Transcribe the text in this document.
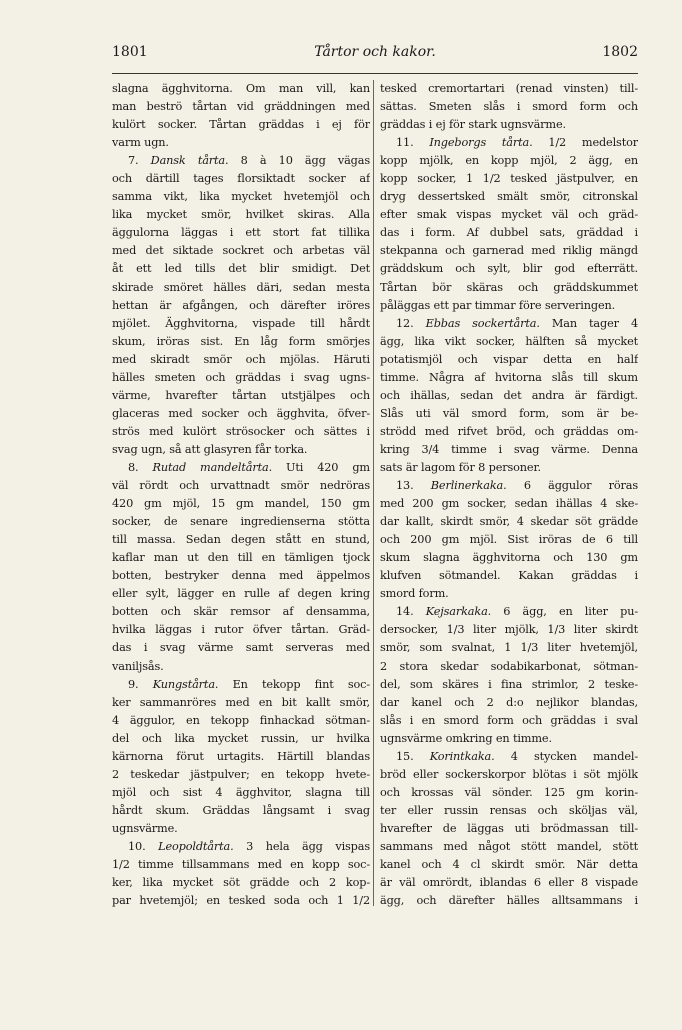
1801	Tårtor och kakor.	1802
slagna ägghvitorna. Om man vill, kan
man beströ tårtan vid gräddningen med
kulört socker. Tårtan gräddas i ej för
varm ugn.
7. Dansk tårta. 8 à 10 ägg vägas
och därtill tages florsiktadt socker af
samma vikt, lika mycket hvetemjöl och
lika mycket smör, hvilket skiras. Alla
äggulorna läggas i ett stort fat tillika
med det siktade sockret och arbetas väl
åt ett led tills det blir smidigt. Det
skirade smöret hälles däri, sedan mesta
hettan är afgången, och därefter iröres
mjölet. Ägghvitorna, vispade till hårdt
skum, iröras sist. En låg form smörjes
med skiradt smör och mjölas. Häruti
hälles smeten och gräddas i svag ugns-
värme, hvarefter tårtan utstjälpes och
glaceras med socker och ägghvita, öfver-
strös med kulört strösocker och sättes i
svag ugn, så att glasyren får torka.
8. Rutad mandeltårta. Uti 420 gm
väl rördt och urvattnadt smör nedröras
420 gm mjöl, 15 gm mandel, 150 gm
socker, de senare ingredienserna stötta
till massa. Sedan degen stått en stund,
kaflar man ut den till en tämligen tjock
botten, bestryker denna med äppelmos
eller sylt, lägger en rulle af degen kring
botten och skär remsor af densamma,
hvilka läggas i rutor öfver tårtan. Gräd-
das i svag värme samt serveras med
vaniljsås.
9. Kungstårta. En tekopp fint soc-
ker sammanröres med en bit kallt smör,
4 äggulor, en tekopp finhackad sötman-
del och lika mycket russin, ur hvilka
kärnorna förut urtagits. Härtill blandas
2 teskedar jästpulver; en tekopp hvete-
mjöl och sist 4 ägghvitor, slagna till
hårdt skum. Gräddas långsamt i svag
ugnsvärme.
10. Leopoldtårta. 3 hela ägg vispas
1/2 timme tillsammans med en kopp soc-
ker, lika mycket söt grädde och 2 kop-
par hvetemjöl; en tesked soda och 1 1/2
tesked cremortartari (renad vinsten) till-
sättas. Smeten slås i smord form och
gräddas i ej för stark ugnsvärme.
11. Ingeborgs tårta. 1/2 medelstor
kopp mjölk, en kopp mjöl, 2 ägg, en
kopp socker, 1 1/2 tesked jästpulver, en
dryg dessertsked smält smör, citronskal
efter smak vispas mycket väl och gräd-
das i form. Af dubbel sats, gräddad i
stekpanna och garnerad med riklig mängd
gräddskum och sylt, blir god efterrätt.
Tårtan bör skäras och gräddskummet
påläggas ett par timmar före serveringen.
12. Ebbas sockertårta. Man tager 4
ägg, lika vikt socker, hälften så mycket
potatismjöl och vispar detta en half
timme. Några af hvitorna slås till skum
och ihällas, sedan det andra är färdigt.
Slås uti väl smord form, som är be-
strödd med rifvet bröd, och gräddas om-
kring 3/4 timme i svag värme. Denna
sats är lagom för 8 personer.
13. Berlinerkaka. 6 äggulor röras
med 200 gm socker, sedan ihällas 4 ske-
dar kallt, skirdt smör, 4 skedar söt grädde
och 200 gm mjöl. Sist iröras de 6 till
skum slagna ägghvitorna och 130 gm
klufven sötmandel. Kakan gräddas i
smord form.
14. Kejsarkaka. 6 ägg, en liter pu-
dersocker, 1/3 liter mjölk, 1/3 liter skirdt
smör, som svalnat, 1 1/3 liter hvetemjöl,
2 stora skedar sodabikarbonat, sötman-
del, som skäres i fina strimlor, 2 teske-
dar kanel och 2 d:o nejlikor blandas,
slås i en smord form och gräddas i sval
ugnsvärme omkring en timme.
15. Korintkaka. 4 stycken mandel-
bröd eller sockerskorpor blötas i söt mjölk
och krossas väl sönder. 125 gm korin-
ter eller russin rensas och sköljas väl,
hvarefter de läggas uti brödmassan till-
sammans med något stött mandel, stött
kanel och 4 cl skirdt smör. När detta
är väl omrördt, iblandas 6 eller 8 vispade
ägg, och därefter hälles alltsammans i
